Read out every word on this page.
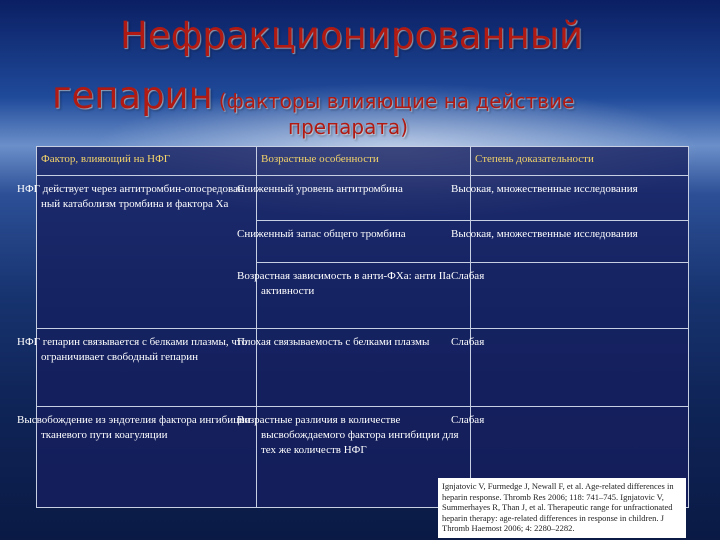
Нефракционированный
гепарин (факторы влияющие на действие
препарата)
Фактор, влияющий на НФГ	Возрастные особенности	Степень доказательности
НФГ действует через антитромбин-опосредован ный катаболизм тромбина и фактора Ха	Сниженный уровень антитромбина	Высокая, множественные исследования
	Сниженный запас общего тромбина	Высокая, множественные исследования
	Возрастная зависимость в анти-ФХа: анти IIа активности	Слабая
НФГ гепарин связывается с белками плазмы, что ограничивает свободный гепарин	Плохая связываемость с белками плазмы	Слабая
Высвобождение из эндотелия фактора ингибиции тканевого пути коагуляции	Возрастные различия в количестве высвобождаемого фактора ингибиции для тех же количеств НФГ	Слабая
Ignjatovic V, Furmedge J, Newall F, et al. Age-related differences in heparin response. Thromb Res 2006; 118: 741–745. Ignjatovic V, Summerhayes R, Than J, et al. Therapeutic range for unfractionated heparin therapy: age-related differences in response in children. J Thromb Haemost 2006; 4: 2280–2282.
